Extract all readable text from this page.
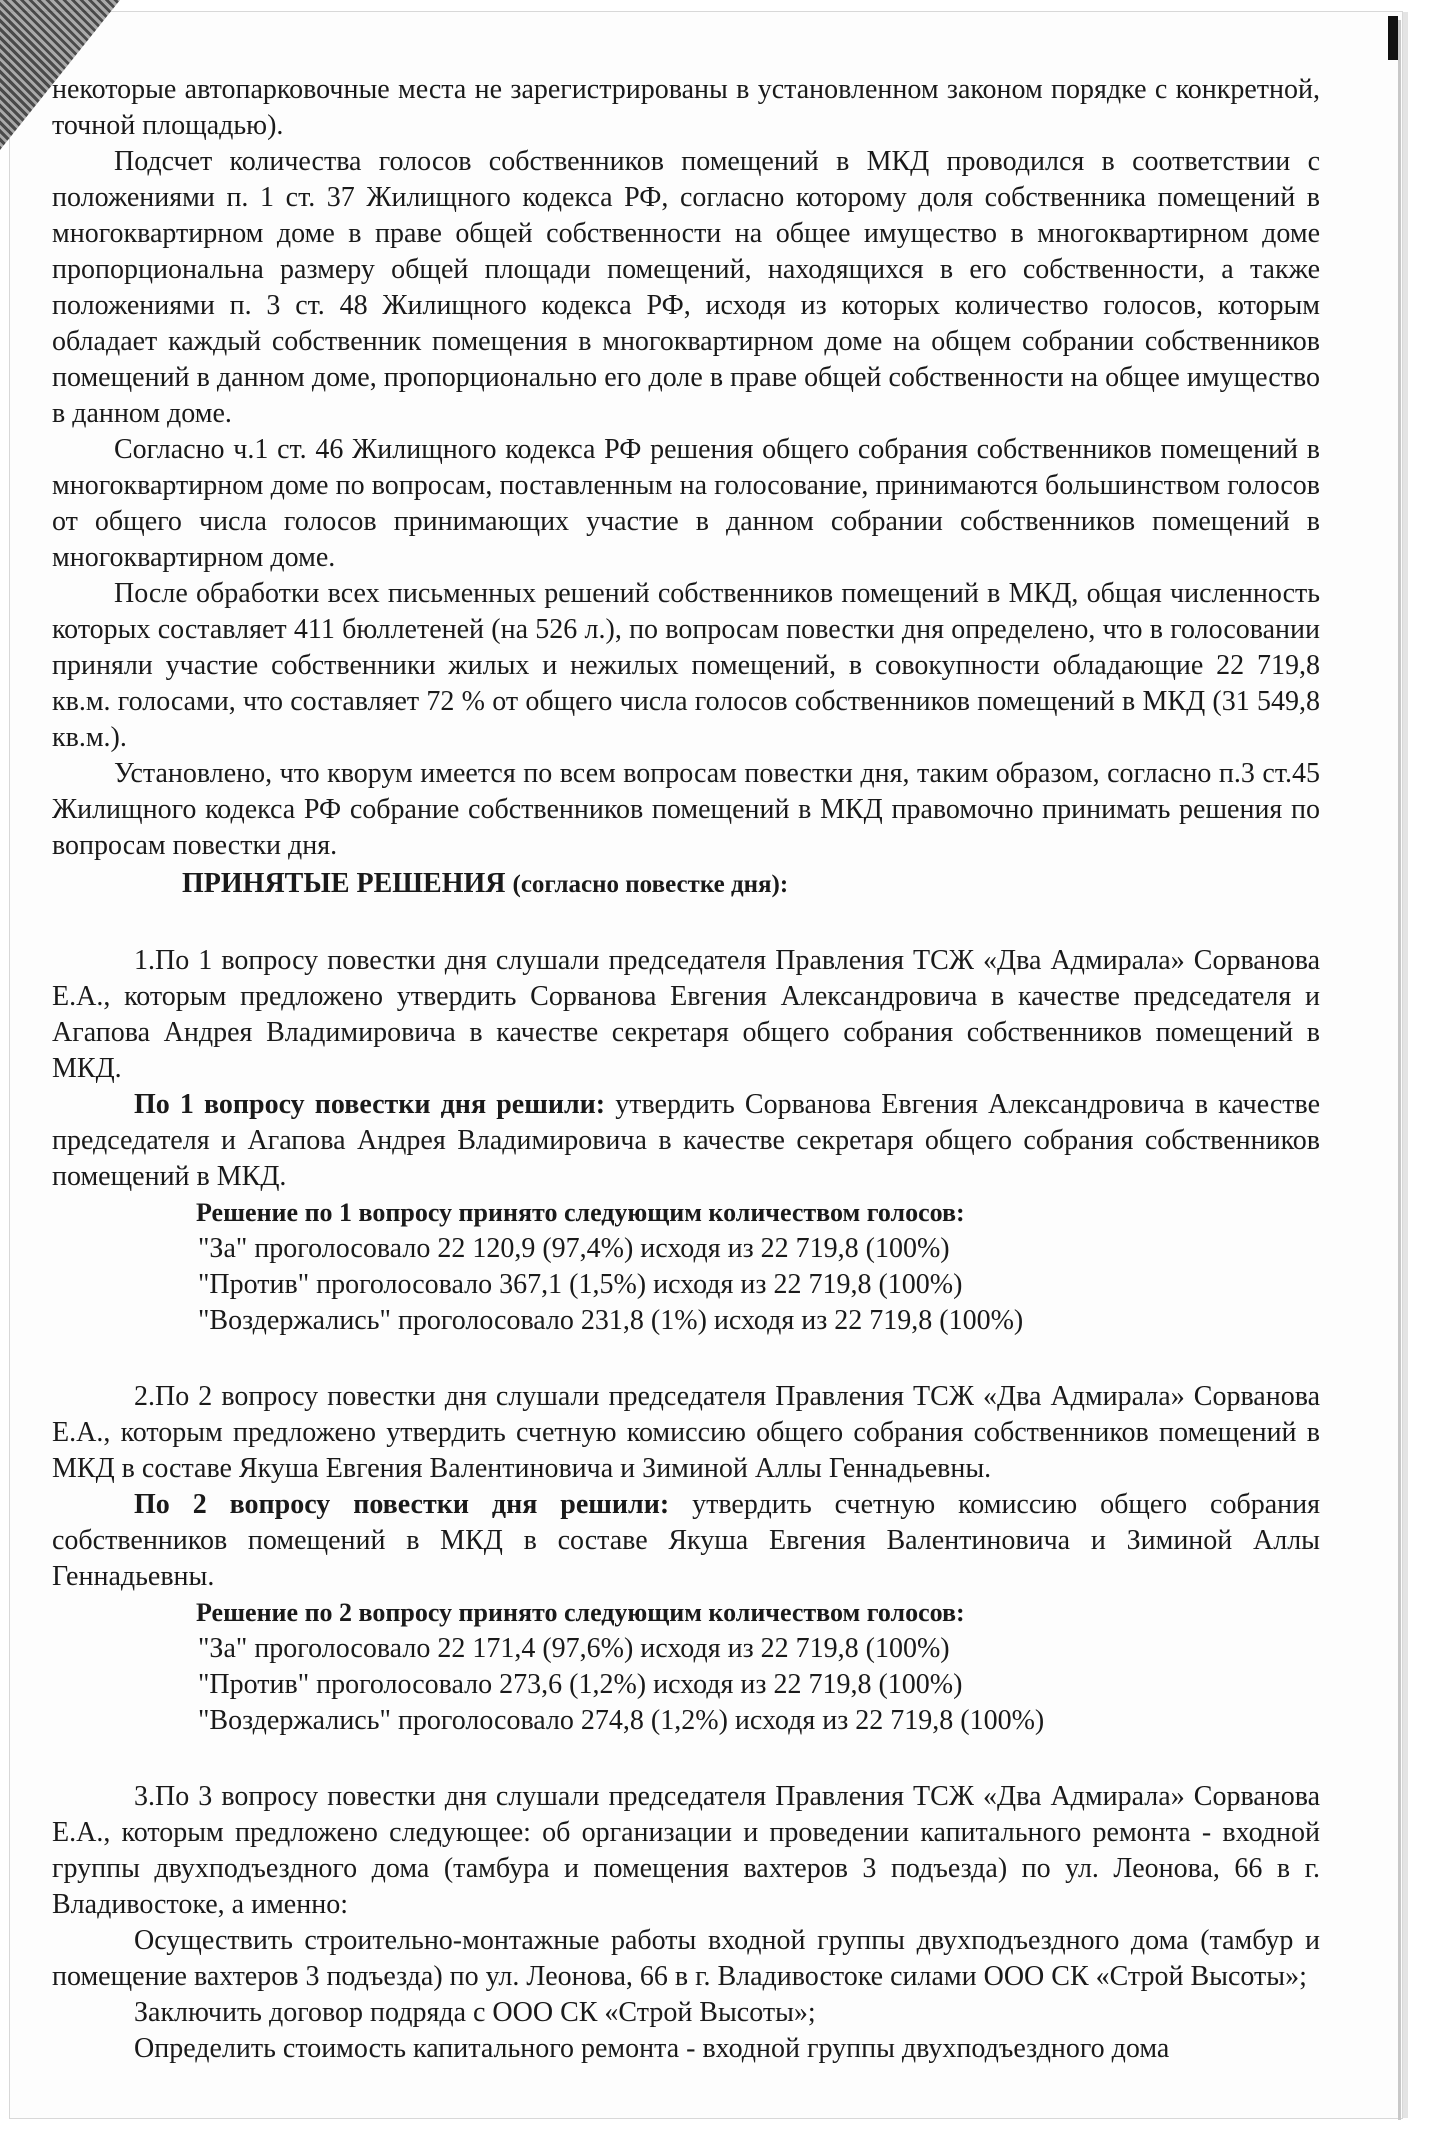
некоторые автопарковочные места не зарегистрированы в установленном законом порядке с конкретной, точной площадью).

Подсчет количества голосов собственников помещений в МКД проводился в соответствии с положениями п. 1 ст. 37 Жилищного кодекса РФ, согласно которому доля собственника помещений в многоквартирном доме в праве общей собственности на общее имущество в многоквартирном доме пропорциональна размеру общей площади помещений, находящихся в его собственности, а также положениями п. 3 ст. 48 Жилищного кодекса РФ, исходя из которых количество голосов, которым обладает каждый собственник помещения в многоквартирном доме на общем собрании собственников помещений в данном доме, пропорционально его доле в праве общей собственности на общее имущество в данном доме.

Согласно ч.1 ст. 46 Жилищного кодекса РФ решения общего собрания собственников помещений в многоквартирном доме по вопросам, поставленным на голосование, принимаются большинством голосов от общего числа голосов принимающих участие в данном собрании собственников помещений в многоквартирном доме.

После обработки всех письменных решений собственников помещений в МКД, общая численность которых составляет 411 бюллетеней (на 526 л.), по вопросам повестки дня определено, что в голосовании приняли участие собственники жилых и нежилых помещений, в совокупности обладающие 22 719,8 кв.м. голосами, что составляет 72 % от общего числа голосов собственников помещений в МКД (31 549,8 кв.м.).

Установлено, что кворум имеется по всем вопросам повестки дня, таким образом, согласно п.3 ст.45 Жилищного кодекса РФ собрание собственников помещений в МКД правомочно принимать решения по вопросам повестки дня.

ПРИНЯТЫЕ РЕШЕНИЯ (согласно повестке дня):

1.По 1 вопросу повестки дня слушали председателя Правления ТСЖ «Два Адмирала» Сорванова Е.А., которым предложено утвердить Сорванова Евгения Александровича в качестве председателя и Агапова Андрея Владимировича в качестве секретаря общего собрания собственников помещений в МКД.

По 1 вопросу повестки дня решили: утвердить Сорванова Евгения Александровича в качестве председателя и Агапова Андрея Владимировича в качестве секретаря общего собрания собственников помещений в МКД.

Решение по 1 вопросу принято следующим количеством голосов:

"За" проголосовало 22 120,9 (97,4%) исходя из 22 719,8 (100%)

"Против" проголосовало 367,1 (1,5%) исходя из 22 719,8 (100%)

"Воздержались" проголосовало 231,8 (1%) исходя из 22 719,8 (100%)

2.По 2 вопросу повестки дня слушали председателя Правления ТСЖ «Два Адмирала» Сорванова Е.А., которым предложено утвердить счетную комиссию общего собрания собственников помещений в МКД в составе Якуша Евгения Валентиновича и Зиминой Аллы Геннадьевны.

По 2 вопросу повестки дня решили: утвердить счетную комиссию общего собрания собственников помещений в МКД в составе Якуша Евгения Валентиновича и Зиминой Аллы Геннадьевны.

Решение по 2 вопросу принято следующим количеством голосов:

"За" проголосовало 22 171,4 (97,6%) исходя из 22 719,8 (100%)

"Против" проголосовало 273,6 (1,2%) исходя из 22 719,8 (100%)

"Воздержались" проголосовало 274,8 (1,2%) исходя из 22 719,8 (100%)

3.По 3 вопросу повестки дня слушали председателя Правления ТСЖ «Два Адмирала» Сорванова Е.А., которым предложено следующее: об организации и проведении капитального ремонта - входной группы двухподъездного дома (тамбура и помещения вахтеров 3 подъезда) по ул. Леонова, 66 в г. Владивостоке, а именно:

Осуществить строительно-монтажные работы входной группы двухподъездного дома (тамбур и помещение вахтеров 3 подъезда) по ул. Леонова, 66 в г. Владивостоке силами ООО СК «Строй Высоты»;

Заключить договор подряда с ООО СК «Строй Высоты»;

Определить стоимость капитального ремонта - входной группы двухподъездного дома
